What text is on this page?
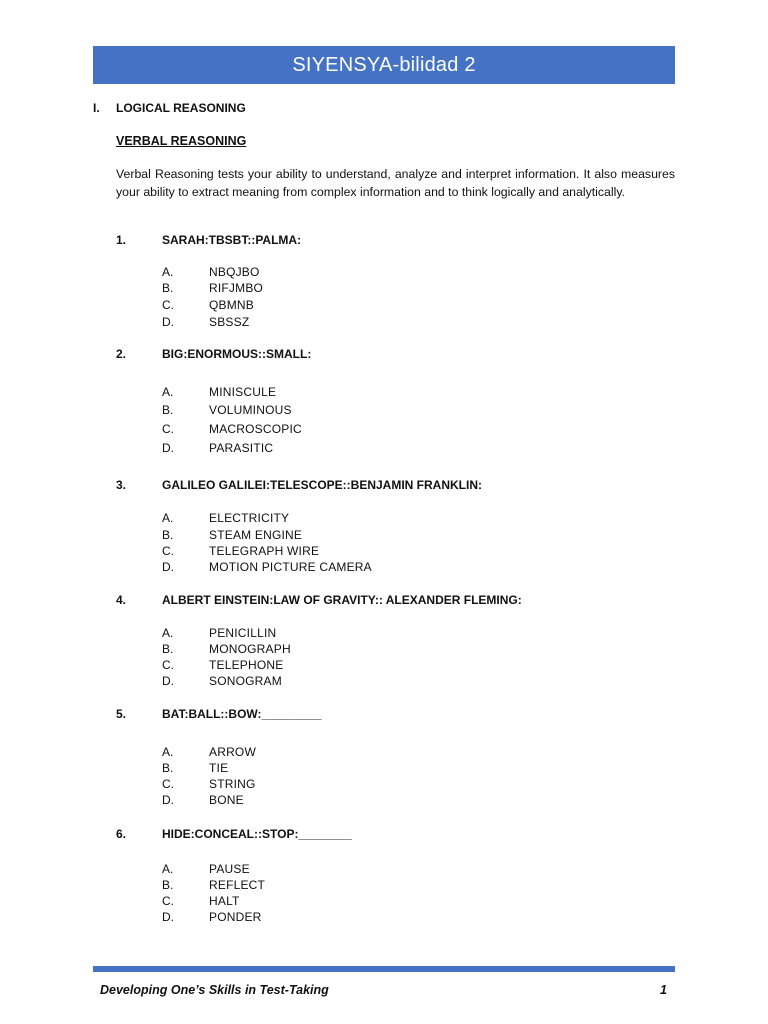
SIYENSYA-bilidad 2
I. LOGICAL REASONING
VERBAL REASONING
Verbal Reasoning tests your ability to understand, analyze and interpret information. It also measures your ability to extract meaning from complex information and to think logically and analytically.
1.	SARAH:TBSBT::PALMA:
A.	NBQJBO
B.	RIFJMBO
C.	QBMNB
D.	SBSSZ
2.	BIG:ENORMOUS::SMALL:
A.	MINISCULE
B.	VOLUMINOUS
C.	MACROSCOPIC
D.	PARASITIC
3.	GALILEO GALILEI:TELESCOPE::BENJAMIN FRANKLIN:
A.	ELECTRICITY
B.	STEAM ENGINE
C.	TELEGRAPH WIRE
D.	MOTION PICTURE CAMERA
4.	ALBERT EINSTEIN:LAW OF GRAVITY:: ALEXANDER FLEMING:
A.	PENICILLIN
B.	MONOGRAPH
C.	TELEPHONE
D.	SONOGRAM
5.	BAT:BALL::BOW:_________
A.	ARROW
B.	TIE
C.	STRING
D.	BONE
6.	HIDE:CONCEAL::STOP:________
A.	PAUSE
B.	REFLECT
C.	HALT
D.	PONDER
Developing One’s Skills in Test-Taking	1
